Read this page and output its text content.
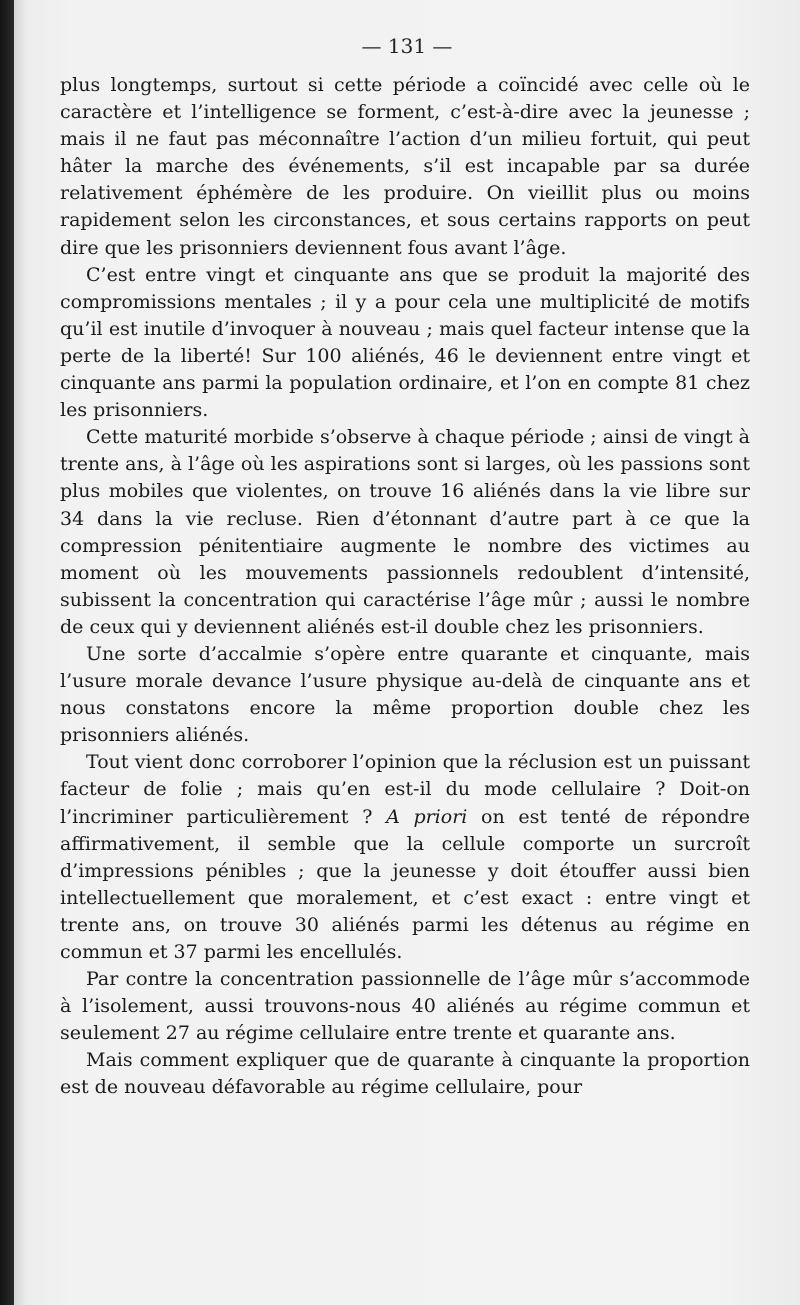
— 131 —

plus longtemps, surtout si cette période a coïncidé avec celle où le caractère et l’intelligence se forment, c’est-à-dire avec la jeunesse ; mais il ne faut pas méconnaître l’action d’un milieu fortuit, qui peut hâter la marche des événements, s’il est incapable par sa durée relativement éphémère de les produire. On vieillit plus ou moins rapidement selon les circonstances, et sous certains rapports on peut dire que les prisonniers deviennent fous avant l’âge.

C’est entre vingt et cinquante ans que se produit la majorité des compromissions mentales ; il y a pour cela une multiplicité de motifs qu’il est inutile d’invoquer à nouveau ; mais quel facteur intense que la perte de la liberté! Sur 100 aliénés, 46 le deviennent entre vingt et cinquante ans parmi la population ordinaire, et l’on en compte 81 chez les prisonniers.

Cette maturité morbide s’observe à chaque période ; ainsi de vingt à trente ans, à l’âge où les aspirations sont si larges, où les passions sont plus mobiles que violentes, on trouve 16 aliénés dans la vie libre sur 34 dans la vie recluse. Rien d’étonnant d’autre part à ce que la compression pénitentiaire augmente le nombre des victimes au moment où les mouvements passionnels redoublent d’intensité, subissent la concentration qui caractérise l’âge mûr ; aussi le nombre de ceux qui y deviennent aliénés est-il double chez les prisonniers.

Une sorte d’accalmie s’opère entre quarante et cinquante, mais l’usure morale devance l’usure physique au-delà de cinquante ans et nous constatons encore la même proportion double chez les prisonniers aliénés.

Tout vient donc corroborer l’opinion que la réclusion est un puissant facteur de folie ; mais qu’en est-il du mode cellulaire ? Doit-on l’incriminer particulièrement ? A priori on est tenté de répondre affirmativement, il semble que la cellule comporte un surcroît d’impressions pénibles ; que la jeunesse y doit étouffer aussi bien intellectuellement que moralement, et c’est exact : entre vingt et trente ans, on trouve 30 aliénés parmi les détenus au régime en commun et 37 parmi les encellulés.

Par contre la concentration passionnelle de l’âge mûr s’accommode à l’isolement, aussi trouvons-nous 40 aliénés au régime commun et seulement 27 au régime cellulaire entre trente et quarante ans.

Mais comment expliquer que de quarante à cinquante la proportion est de nouveau défavorable au régime cellulaire, pour
